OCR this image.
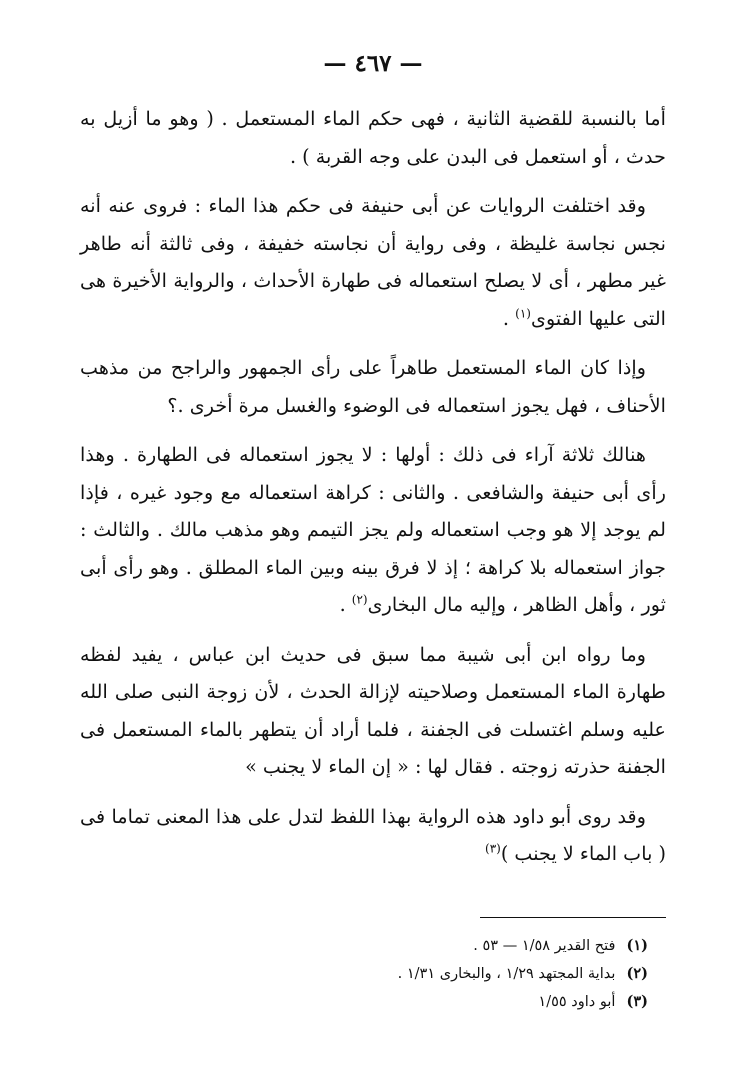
— ٤٦٧ —

أما بالنسبة للقضية الثانية ، فهى حكم الماء المستعمل . ( وهو ما أزيل به حدث ، أو استعمل فى البدن على وجه القربة ) .

وقد اختلفت الروايات عن أبى حنيفة فى حكم هذا الماء : فروى عنه أنه نجس نجاسة غليظة ، وفى رواية أن نجاسته خفيفة ، وفى ثالثة أنه طاهر غير مطهر ، أى لا يصلح استعماله فى طهارة الأحداث ، والرواية الأخيرة هى التى عليها الفتوى$^{(١)}$ .

وإذا كان الماء المستعمل طاهراً على رأى الجمهور والراجح من مذهب الأحناف ، فهل يجوز استعماله فى الوضوء والغسل مرة أخرى .؟

هنالك ثلاثة آراء فى ذلك : أولها : لا يجوز استعماله فى الطهارة . وهذا رأى أبى حنيفة والشافعى . والثانى : كراهة استعماله مع وجود غيره ، فإذا لم يوجد إلا هو وجب استعماله ولم يجز التيمم وهو مذهب مالك . والثالث : جواز استعماله بلا كراهة ؛ إذ لا فرق بينه وبين الماء المطلق . وهو رأى أبى ثور ، وأهل الظاهر ، وإليه مال البخارى$^{(٢)}$ .

وما رواه ابن أبى شيبة مما سبق فى حديث ابن عباس ، يفيد لفظه طهارة الماء المستعمل وصلاحيته لإزالة الحدث ، لأن زوجة النبى صلى الله عليه وسلم اغتسلت فى الجفنة ، فلما أراد أن يتطهر بالماء المستعمل فى الجفنة حذرته زوجته . فقال لها : « إن الماء لا يجنب »

وقد روى أبو داود هذه الرواية بهذا اللفظ لتدل على هذا المعنى تماما فى ( باب الماء لا يجنب )$^{(٣)}$

(١) فتح القدير ١/٥٨ — ٥٣ .
(٢) بداية المجتهد ١/٢٩ ، والبخارى ١/٣١ .
(٣) أبو داود ١/٥٥
